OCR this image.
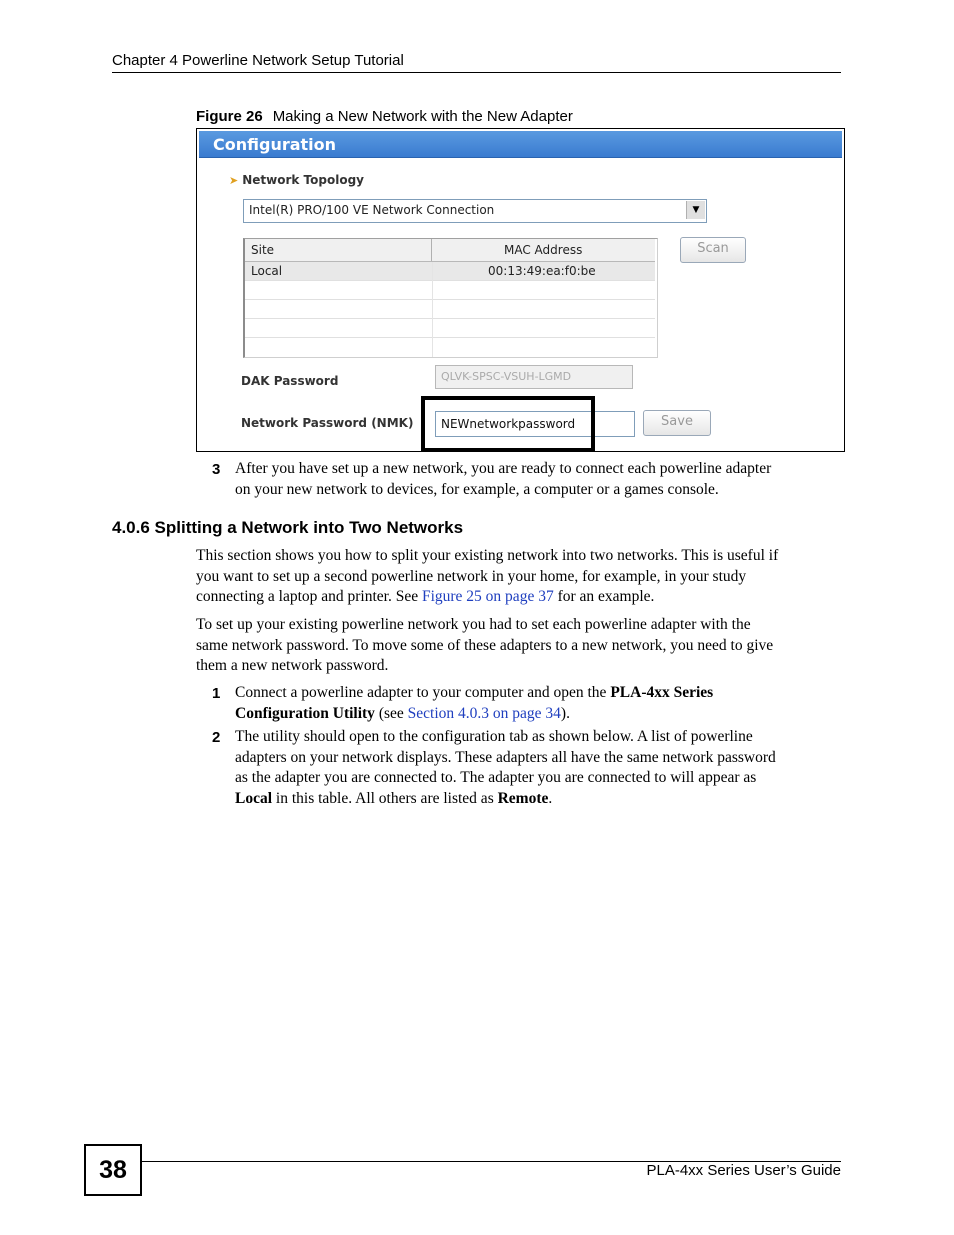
Chapter 4 Powerline Network Setup Tutorial
Figure 26 Making a New Network with the New Adapter
Configuration
➤ Network Topology
Intel(R) PRO/100 VE Network Connection	▼
Site	MAC Address
Local	00:13:49:ea:f0:be
Scan
DAK Password	QLVK-SPSC-VSUH-LGMD
Network Password (NMK) NEWnetworkpassword	Save
3 After you have set up a new network, you are ready to connect each powerline adapter
on your new network to devices, for example, a computer or a games console.
4.0.6 Splitting a Network into Two Networks
This section shows you how to split your existing network into two networks. This is useful if
you want to set up a second powerline network in your home, for example, in your study
connecting a laptop and printer. See Figure 25 on page 37 for an example.
To set up your existing powerline network you had to set each powerline adapter with the
same network password. To move some of these adapters to a new network, you need to give
them a new network password.
1 Connect a powerline adapter to your computer and open the PLA-4xx Series
Configuration Utility (see Section 4.0.3 on page 34).
2 The utility should open to the configuration tab as shown below. A list of powerline
adapters on your network displays. These adapters all have the same network password
as the adapter you are connected to. The adapter you are connected to will appear as
Local in this table. All others are listed as Remote.
38	PLA-4xx Series User’s Guide
